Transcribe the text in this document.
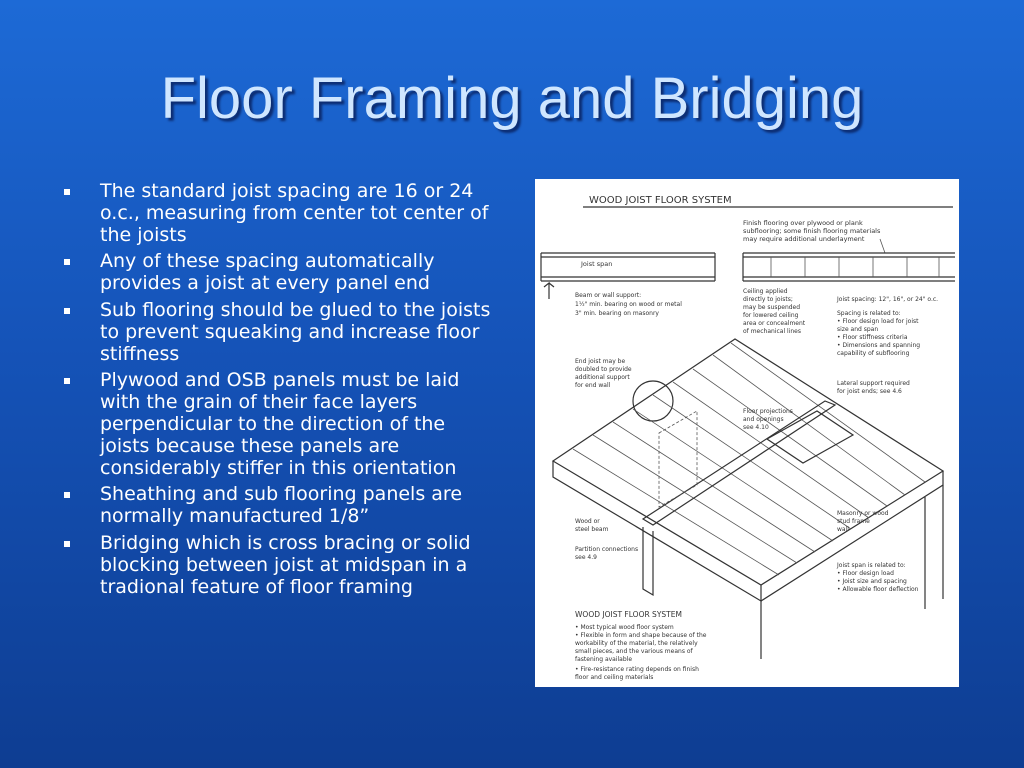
Floor Framing and Bridging
The standard joist spacing are 16 or 24 o.c., measuring from center tot center of the joists
Any of these spacing automatically provides a joist at every panel end
Sub flooring should be glued to the joists to prevent squeaking and increase floor stiffness
Plywood and OSB panels must be laid with the grain of their face layers perpendicular to the direction of the joists because these panels are considerably stiffer in this orientation
Sheathing and sub flooring panels are normally manufactured 1/8”
Bridging which is cross bracing or solid blocking between joist at midspan in a tradional feature of floor framing
WOOD JOIST FLOOR SYSTEM
Finish flooring over plywood or plank subflooring; some finish flooring materials may require additional underlayment
Joist span
Beam or wall support: 1½" min. bearing on wood or metal 3" min. bearing on masonry
Ceiling applied directly to joists; may be suspended for lowered ceiling area or concealment of mechanical lines
Joist spacing: 12", 16", or 24" o.c. Spacing is related to: • Floor design load for joist size and span • Floor stiffness criteria • Dimensions and spanning capability of subflooring
End joist may be doubled to provide additional support for end wall	Lateral support required for joist ends; see 4.6
Floor projections and openings see 4.10
Wood or steel beam
Masonry or wood stud frame wall
Partition connections see 4.9
Joist span is related to: • Floor design load • Joist size and spacing • Allowable floor deflection
WOOD JOIST FLOOR SYSTEM
• Most typical wood floor system • Flexible in form and shape because of the workability of the material, the relatively small pieces, and the various means of fastening available • Fire-resistance rating depends on finish floor and ceiling materials
